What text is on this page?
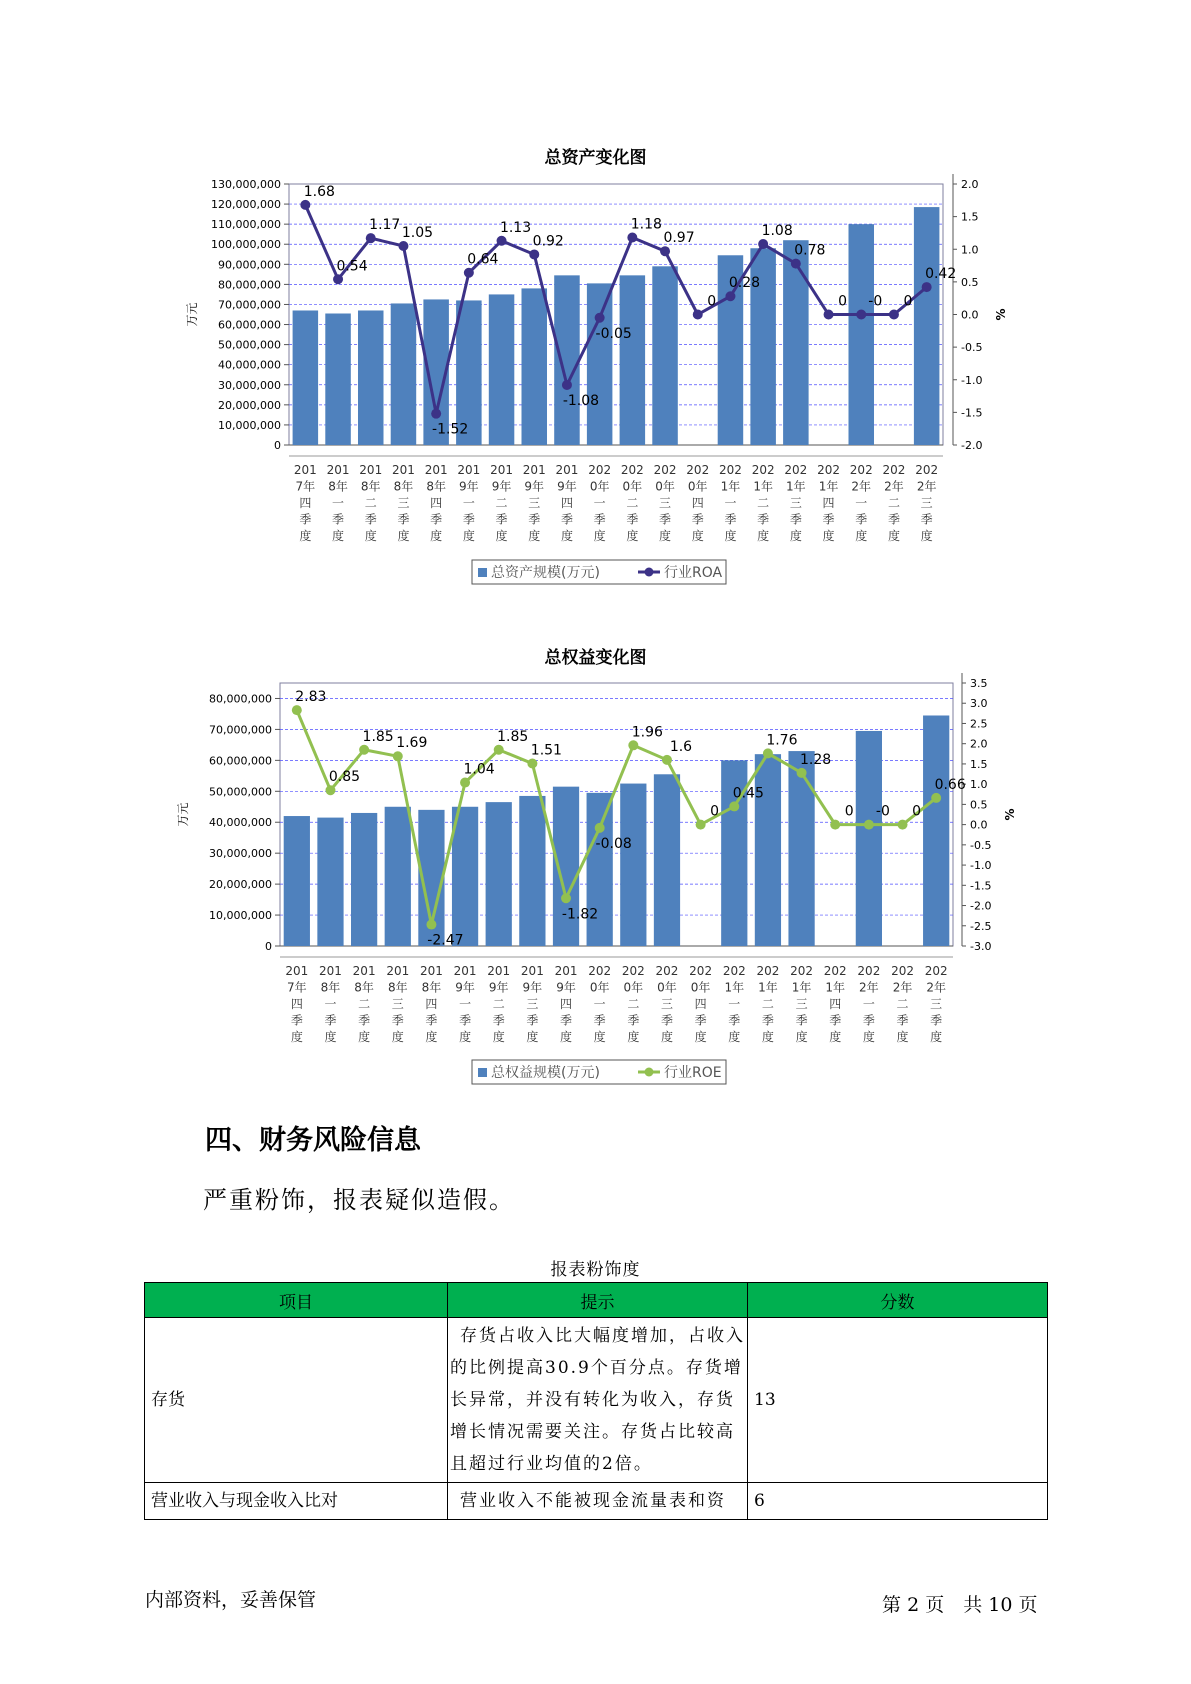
总资产变化图
0
10,000,000
20,000,000
30,000,000
40,000,000
50,000,000
60,000,000
70,000,000
80,000,000
90,000,000
100,000,000
110,000,000
120,000,000
130,000,000
-2.0
-1.5
-1.0
-0.5
0.0
0.5
1.0
1.5
2.0
万元	%
201 7年四季度
201 8年一季度
201 8年二季度
201 8年三季度
201 8年四季度
201 9年一季度
201 9年二季度
201 9年三季度
201 9年四季度
202 0年一季度
202 0年二季度
202 0年三季度
202 0年四季度
202 1年一季度
202 1年二季度
202 1年三季度
202 1年四季度
202 2年一季度
202 2年二季度
202 2年三季度
1.68
0.54
1.17 1.05
-1.52
0.64
1.13
0.92
-1.08
-0.05
1.18
0.97
0
0.28
1.08
0.78
0 -0 0
0.42
总资产规模(万元)	行业ROA
总权益变化图
0
10,000,000
20,000,000
30,000,000
40,000,000
50,000,000
60,000,000
70,000,000
80,000,000
-3.0
-2.5
-2.0
-1.5
-1.0
-0.5
0.0
0.5
1.0
1.5
2.0
2.5
3.0
3.5
万元	%
201 7年四季度
201 8年一季度
201 8年二季度
201 8年三季度
201 8年四季度
201 9年一季度
201 9年二季度
201 9年三季度
201 9年四季度
202 0年一季度
202 0年二季度
202 0年三季度
202 0年四季度
202 1年一季度
202 1年二季度
202 1年三季度
202 1年四季度
202 2年一季度
202 2年二季度
202 2年三季度
2.83
0.85
1.85 1.69
-2.47
1.04
1.85
1.51
-1.82
-0.08
1.96
1.6
0
0.45
1.76
1.28
0 -0 0
0.66
总权益规模(万元)	行业ROE
四、财务风险信息

严重粉饰，报表疑似造假。

报表粉饰度
项目	提示	分数
存货	存货占收入比大幅度增加，占收入的比例提高30.9个百分点。存货增长异常，并没有转化为收入，存货增长情况需要关注。存货占比较高且超过行业均值的2倍。	13
营业收入与现金收入比对	营业收入不能被现金流量表和资	6
内部资料，妥善保管	第 2 页　共 10 页
